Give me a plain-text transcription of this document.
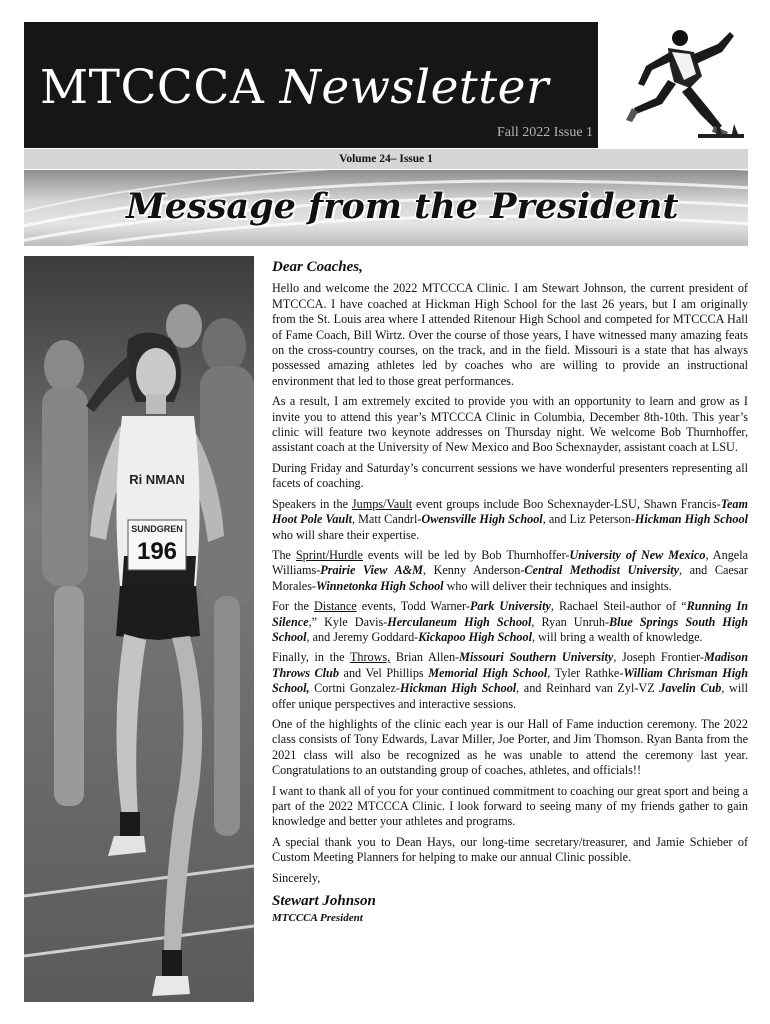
MTCCCA Newsletter
Fall 2022 Issue 1
Volume 24– Issue 1
Message from the President
Ri NMAN
SUNDGREN
196
Dear Coaches,

Hello and welcome the 2022 MTCCCA Clinic. I am Stewart Johnson, the current president of MTCCCA. I have coached at Hickman High School for the last 26 years, but I am originally from the St. Louis area where I attended Ritenour High School and competed for MTCCCA Hall of Fame Coach, Bill Wirtz. Over the course of those years, I have witnessed many amazing feats on the cross-country courses, on the track, and in the field. Missouri is a state that has always possessed amazing athletes led by coaches who are willing to provide an instructional environment that led to those great performances.

As a result, I am extremely excited to provide you with an opportunity to learn and grow as I invite you to attend this year’s MTCCCA Clinic in Columbia, December 8th-10th. This year’s clinic will feature two keynote addresses on Thursday night. We welcome Bob Thurnhoffer, assistant coach at the University of New Mexico and Boo Schexnayder, assistant coach at LSU.

During Friday and Saturday’s concurrent sessions we have wonderful presenters representing all facets of coaching.

Speakers in the Jumps/Vault event groups include Boo Schexnayder-LSU, Shawn Francis-Team Hoot Pole Vault, Matt Candrl-Owensville High School, and Liz Peterson-Hickman High School who will share their expertise.

The Sprint/Hurdle events will be led by Bob Thurnhoffer-University of New Mexico, Angela Williams-Prairie View A&M, Kenny Anderson-Central Methodist University, and Caesar Morales-Winnetonka High School who will deliver their techniques and insights.

For the Distance events, Todd Warner-Park University, Rachael Steil-author of “Running In Silence,” Kyle Davis-Herculaneum High School, Ryan Unruh-Blue Springs South High School, and Jeremy Goddard-Kickapoo High School, will bring a wealth of knowledge.

Finally, in the Throws, Brian Allen-Missouri Southern University, Joseph Frontier-Madison Throws Club and Vel Phillips Memorial High School, Tyler Rathke-William Chrisman High School, Cortni Gonzalez-Hickman High School, and Reinhard van Zyl-VZ Javelin Cub, will offer unique perspectives and interactive sessions.

One of the highlights of the clinic each year is our Hall of Fame induction ceremony. The 2022 class consists of Tony Edwards, Lavar Miller, Joe Porter, and Jim Thomson. Ryan Banta from the 2021 class will also be recognized as he was unable to attend the ceremony last year. Congratulations to an outstanding group of coaches, athletes, and officials!!

I want to thank all of you for your continued commitment to coaching our great sport and being a part of the 2022 MTCCCA Clinic. I look forward to seeing many of my friends gather to gain knowledge and better your athletes and programs.

A special thank you to Dean Hays, our long-time secretary/treasurer, and Jamie Schieber of Custom Meeting Planners for helping to make our annual Clinic possible.

Sincerely,

Stewart Johnson
MTCCCA President
